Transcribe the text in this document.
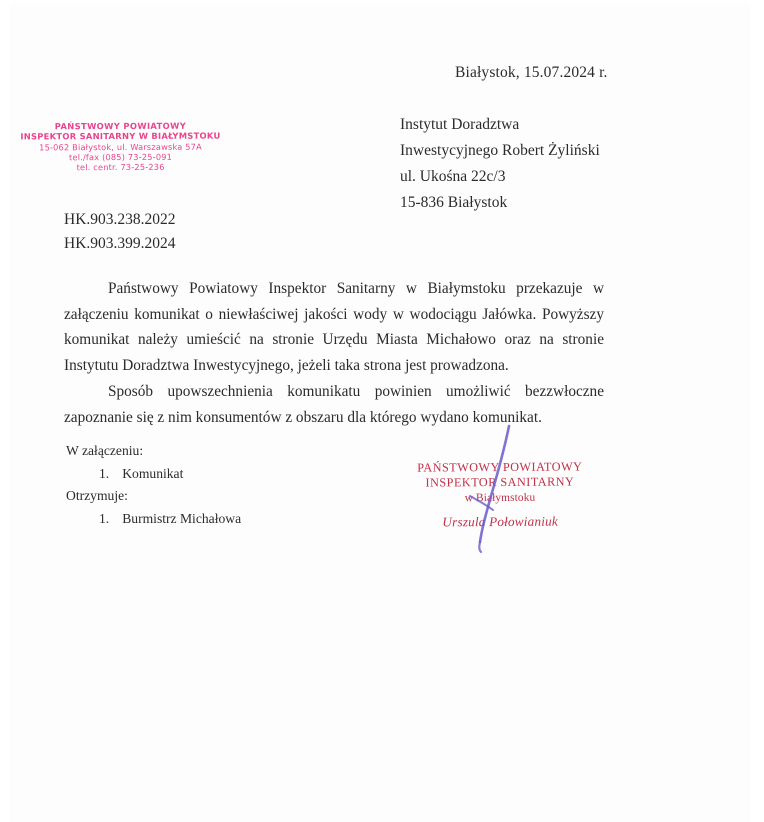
Białystok, 15.07.2024 r.
PAŃSTWOWY POWIATOWY
INSPEKTOR SANITARNY W BIAŁYMSTOKU
15-062 Białystok, ul. Warszawska 57A
tel./fax (085) 73-25-091
tel. centr. 73-25-236
Instytut Doradztwa
Inwestycyjnego Robert Żyliński
ul. Ukośna 22c/3
15-836 Białystok
HK.903.238.2022
HK.903.399.2024

Państwowy Powiatowy Inspektor Sanitarny w Białymstoku przekazuje w załączeniu komunikat o niewłaściwej jakości wody w wodociągu Jałówka. Powyższy komunikat należy umieścić na stronie Urzędu Miasta Michałowo oraz na stronie Instytutu Doradztwa Inwestycyjnego, jeżeli taka strona jest prowadzona.

Sposób upowszechnienia komunikatu powinien umożliwić bezzwłoczne zapoznanie się z nim konsumentów z obszaru dla którego wydano komunikat.

W załączeniu:
1. Komunikat
Otrzymuje:
1. Burmistrz Michałowa
PAŃSTWOWY POWIATOWY
INSPEKTOR SANITARNY
w Białymstoku
Urszula Połowianiuk
